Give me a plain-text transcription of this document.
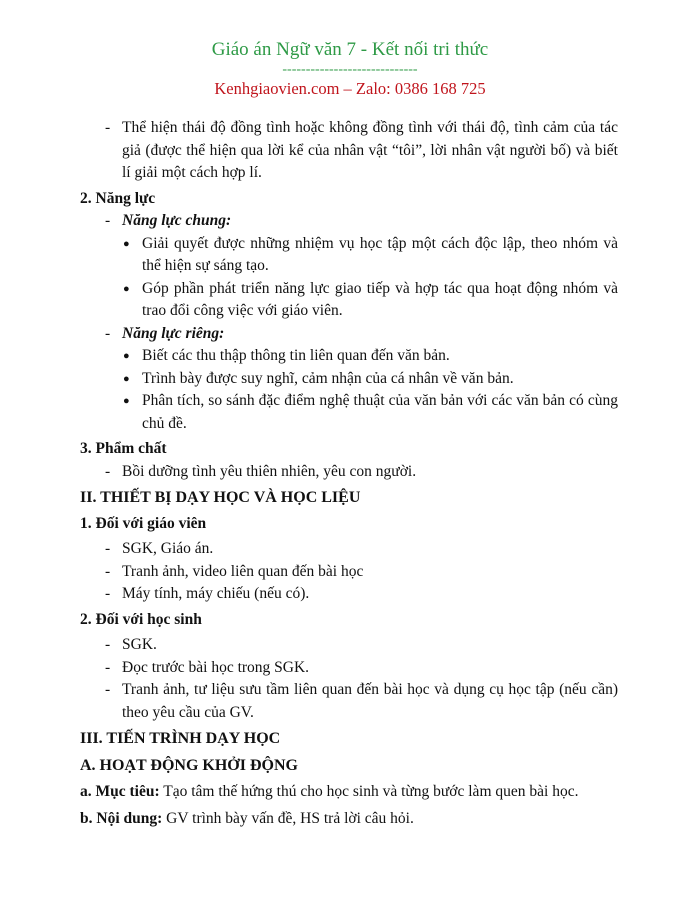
Giáo án Ngữ văn 7 - Kết nối tri thức
-----------------------------
Kenhgiaovien.com – Zalo: 0386 168 725
- Thể hiện thái độ đồng tình hoặc không đồng tình với thái độ, tình cảm của tác giả (được thể hiện qua lời kể của nhân vật “tôi”, lời nhân vật người bố) và biết lí giải một cách hợp lí.
2. Năng lực
- Năng lực chung:
● Giải quyết được những nhiệm vụ học tập một cách độc lập, theo nhóm và thể hiện sự sáng tạo.
● Góp phần phát triển năng lực giao tiếp và hợp tác qua hoạt động nhóm và trao đổi công việc với giáo viên.
- Năng lực riêng:
● Biết các thu thập thông tin liên quan đến văn bản.
● Trình bày được suy nghĩ, cảm nhận của cá nhân về văn bản.
● Phân tích, so sánh đặc điểm nghệ thuật của văn bản với các văn bản có cùng chủ đề.
3. Phẩm chất
- Bồi dưỡng tình yêu thiên nhiên, yêu con người.
II. THIẾT BỊ DẠY HỌC VÀ HỌC LIỆU
1. Đối với giáo viên
- SGK, Giáo án.
- Tranh ảnh, video liên quan đến bài học
- Máy tính, máy chiếu (nếu có).
2. Đối với học sinh
- SGK.
- Đọc trước bài học trong SGK.
- Tranh ảnh, tư liệu sưu tầm liên quan đến bài học và dụng cụ học tập (nếu cần) theo yêu cầu của GV.
III. TIẾN TRÌNH DẠY HỌC
A. HOẠT ĐỘNG KHỞI ĐỘNG
a. Mục tiêu: Tạo tâm thế hứng thú cho học sinh và từng bước làm quen bài học.
b. Nội dung: GV trình bày vấn đề, HS trả lời câu hỏi.
